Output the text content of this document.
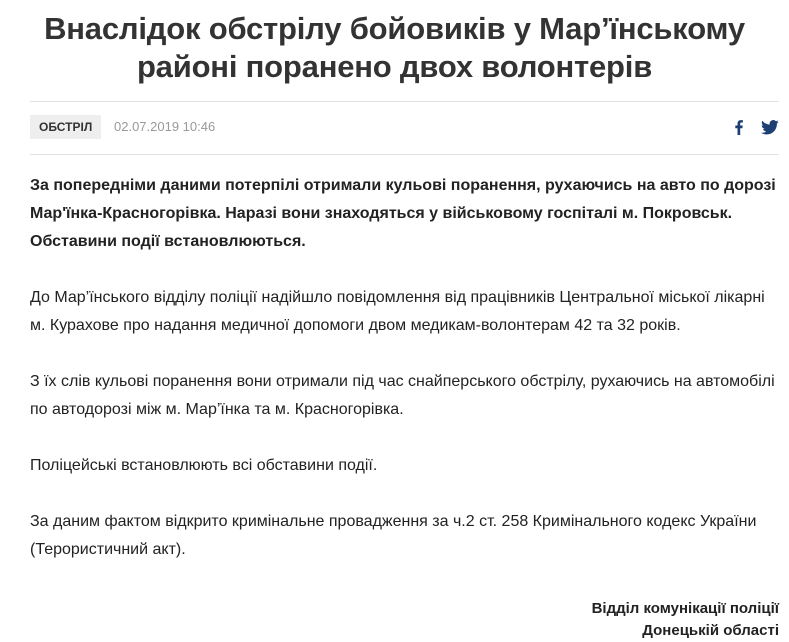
Внаслідок обстрілу бойовиків у Мар’їнському районі поранено двох волонтерів
ОБСТРІЛ	02.07.2019 10:46

За попередніми даними потерпілі отримали кульові поранення, рухаючись на авто по дорозі Мар'їнка-Красногорівка. Наразі вони знаходяться у військовому госпіталі м. Покровськ. Обставини події встановлюються.

До Мар’їнського відділу поліції надійшло повідомлення від працівників Центральної міської лікарні м. Курахове про надання медичної допомоги двом медикам-волонтерам 42 та 32 років.

З їх слів кульові поранення вони отримали під час снайперського обстрілу, рухаючись на автомобілі по автодорозі між м. Мар’їнка та м. Красногорівка.

Поліцейські встановлюють всі обставини події.

За даним фактом відкрито кримінальне провадження за ч.2 ст. 258 Кримінального кодекс України (Терористичний акт).

Відділ комунікації поліції
Донецькій області
